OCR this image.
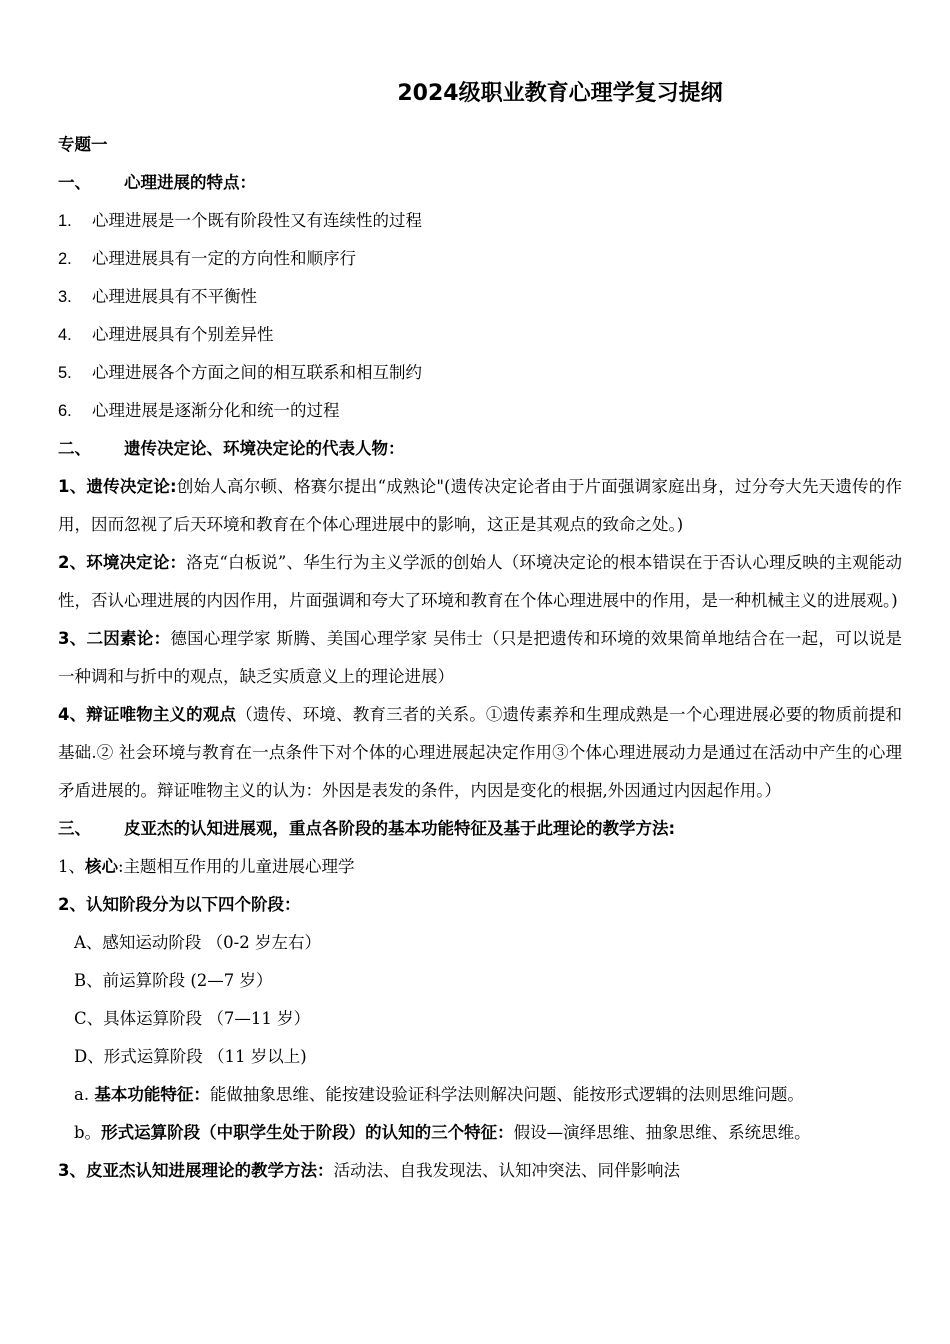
2024级职业教育心理学复习提纲
专题一
一、 心理进展的特点：
1. 心理进展是一个既有阶段性又有连续性的过程
2. 心理进展具有一定的方向性和顺序行
3. 心理进展具有不平衡性
4. 心理进展具有个别差异性
5. 心理进展各个方面之间的相互联系和相互制约
6. 心理进展是逐渐分化和统一的过程
二、 遗传决定论、环境决定论的代表人物：
1、遗传决定论:创始人高尔顿、格赛尔提出“成熟论"(遗传决定论者由于片面强调家庭出身，过分夸大先天遗传的作用，因而忽视了后天环境和教育在个体心理进展中的影响，这正是其观点的致命之处。)
2、环境决定论：洛克“白板说”、华生行为主义学派的创始人（环境决定论的根本错误在于否认心理反映的主观能动性，否认心理进展的内因作用，片面强调和夸大了环境和教育在个体心理进展中的作用，是一种机械主义的进展观。)
3、二因素论：德国心理学家 斯腾、美国心理学家 吴伟士（只是把遗传和环境的效果简单地结合在一起，可以说是一种调和与折中的观点，缺乏实质意义上的理论进展）
4、辩证唯物主义的观点（遗传、环境、教育三者的关系。①遗传素养和生理成熟是一个心理进展必要的物质前提和基础.② 社会环境与教育在一点条件下对个体的心理进展起决定作用③个体心理进展动力是通过在活动中产生的心理矛盾进展的。辩证唯物主义的认为：外因是表发的条件，内因是变化的根据,外因通过内因起作用。）
三、 皮亚杰的认知进展观，重点各阶段的基本功能特征及基于此理论的教学方法:
1、核心:主题相互作用的儿童进展心理学
2、认知阶段分为以下四个阶段：
A、感知运动阶段 （0-2 岁左右）
B、前运算阶段 (2—7 岁）
C、具体运算阶段 （7—11 岁）
D、形式运算阶段 （11 岁以上)
a. 基本功能特征：能做抽象思维、能按建设验证科学法则解决问题、能按形式逻辑的法则思维问题。
b。形式运算阶段（中职学生处于阶段）的认知的三个特征：假设—演绎思维、抽象思维、系统思维。
3、皮亚杰认知进展理论的教学方法：活动法、自我发现法、认知冲突法、同伴影响法
